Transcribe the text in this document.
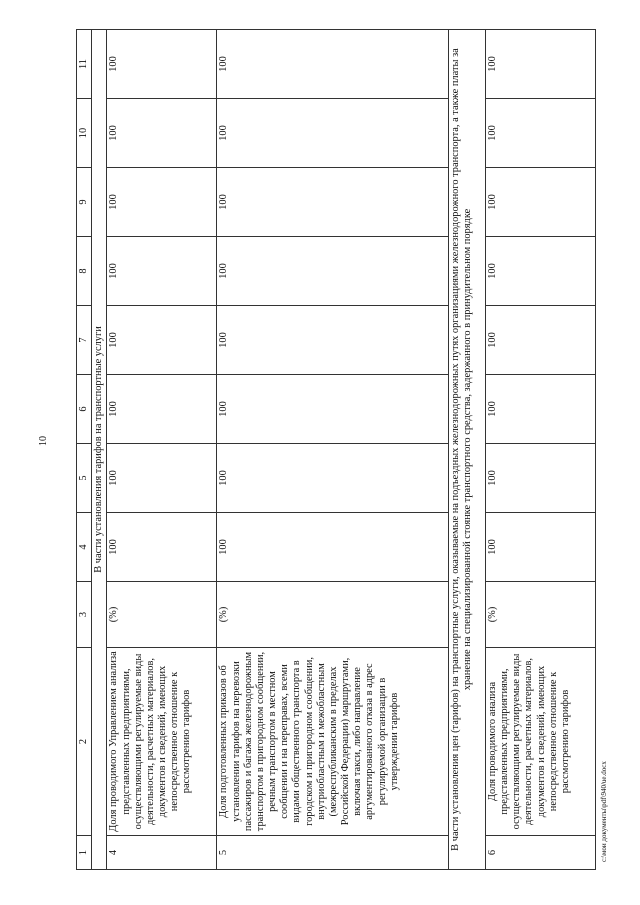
10
1	2	3	4	5	6	7	8	9	10	11
В части установления тарифов на транспортные услуги										
4	Доля проводимого Управлением анализа представленных предприятиями, осуществляющими регулируемые виды деятельности, расчетных материалов, документов и сведений, имеющих непосредственное отношение к рассмотрению тарифов	(%)	100	100	100	100	100	100	100	100
5	Доля подготовленных приказов об установлении тарифов на перевозки пассажиров и багажа железнодорожным транспортом в пригородном сообщении, речным транспортом в местном сообщении и на переправах, всеми видами общественного транспорта в городском и пригородном сообщении, внутриобластным и межобластным (межреспубликанским в пределах Российской Федерации) маршрутами, включая такси, либо направление аргументированного отказа в адрес регулируемой организации в утверждении тарифов	(%)	100	100	100	100	100	100	100	100
В части установления цен (тарифов) на транспортные услуги, оказываемые на подъездных железнодорожных путях организациями железнодорожного транспорта, а также платы за хранение на специализированной стоянке транспортного средства, задержанного в принудительном порядке										
6	Доля проводимого анализа представленных предприятиями, осуществляющими регулируемые виды деятельности, расчетных материалов, документов и сведений, имеющих непосредственное отношение к рассмотрению тарифов	(%)	100	100	100	100	100	100	100	100
c:\мои документы\pdf\940/ue.docx
